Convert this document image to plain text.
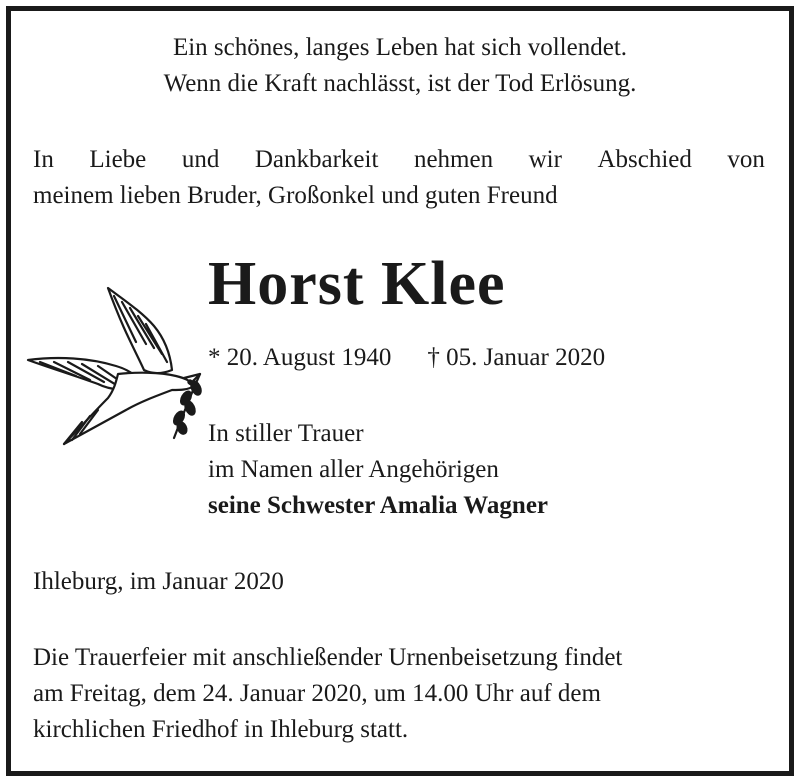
Ein schönes, langes Leben hat sich vollendet.
Wenn die Kraft nachlässt, ist der Tod Erlösung.
In Liebe und Dankbarkeit nehmen wir Abschied von
meinem lieben Bruder, Großonkel und guten Freund
Horst Klee
* 20. August 1940 † 05. Januar 2020
In stiller Trauer
im Namen aller Angehörigen
seine Schwester Amalia Wagner
Ihleburg, im Januar 2020
Die Trauerfeier mit anschließender Urnenbeisetzung findet
am Freitag, dem 24. Januar 2020, um 14.00 Uhr auf dem
kirchlichen Friedhof in Ihleburg statt.
